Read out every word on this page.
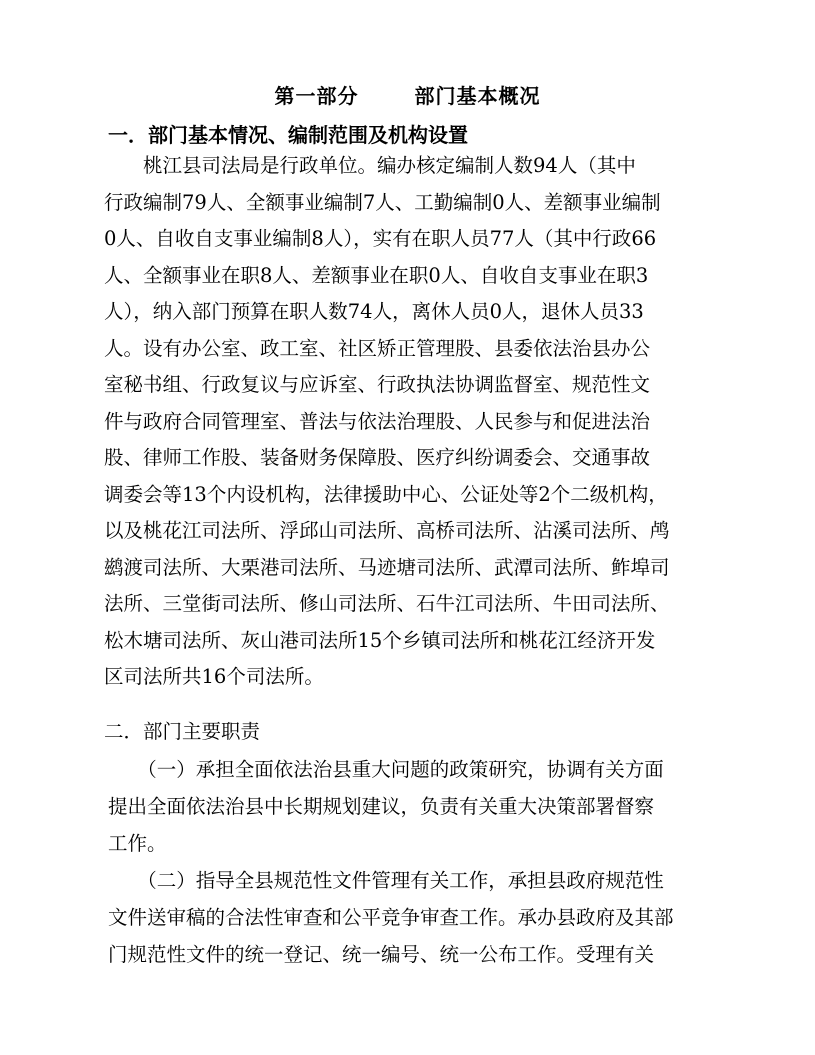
第一部分	部门基本概况
一．部门基本情况、编制范围及机构设置
　　桃江县司法局是行政单位。编办核定编制人数94人（其中
行政编制79人、全额事业编制7人、工勤编制0人、差额事业编制
0人、自收自支事业编制8人），实有在职人员77人（其中行政66
人、全额事业在职8人、差额事业在职0人、自收自支事业在职3
人），纳入部门预算在职人数74人，离休人员0人，退休人员33
人。设有办公室、政工室、社区矫正管理股、县委依法治县办公
室秘书组、行政复议与应诉室、行政执法协调监督室、规范性文
件与政府合同管理室、普法与依法治理股、人民参与和促进法治
股、律师工作股、装备财务保障股、医疗纠纷调委会、交通事故
调委会等13个内设机构，法律援助中心、公证处等2个二级机构，
以及桃花江司法所、浮邱山司法所、高桥司法所、沾溪司法所、鸬
鹚渡司法所、大栗港司法所、马迹塘司法所、武潭司法所、鲊埠司
法所、三堂街司法所、修山司法所、石牛江司法所、牛田司法所、
松木塘司法所、灰山港司法所15个乡镇司法所和桃花江经济开发
区司法所共16个司法所。
二．部门主要职责
　　（一）承担全面依法治县重大问题的政策研究，协调有关方面
提出全面依法治县中长期规划建议，负责有关重大决策部署督察
工作。
　　（二）指导全县规范性文件管理有关工作，承担县政府规范性
文件送审稿的合法性审查和公平竞争审查工作。承办县政府及其部
门规范性文件的统一登记、统一编号、统一公布工作。受理有关
